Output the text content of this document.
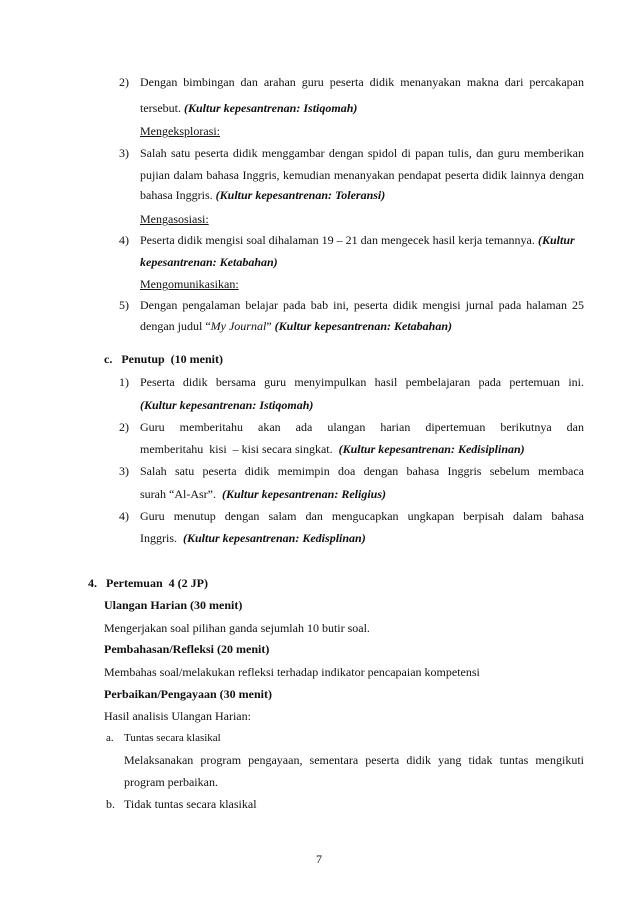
2) Dengan bimbingan dan arahan guru peserta didik menanyakan makna dari percakapan
tersebut. (Kultur kepesantrenan: Istiqomah)
Mengeksplorasi:
3) Salah satu peserta didik menggambar dengan spidol di papan tulis, dan guru memberikan
pujian dalam bahasa Inggris, kemudian menanyakan pendapat peserta didik lainnya dengan
bahasa Inggris. (Kultur kepesantrenan: Toleransi)
Mengasosiasi:
4) Peserta didik mengisi soal dihalaman 19 – 21 dan mengecek hasil kerja temannya. (Kultur
kepesantrenan: Ketabahan)
Mengomunikasikan:
5) Dengan pengalaman belajar pada bab ini, peserta didik mengisi jurnal pada halaman 25
dengan judul “My Journal” (Kultur kepesantrenan: Ketabahan)
c.   Penutup  (10 menit)
1) Peserta didik bersama guru menyimpulkan hasil pembelajaran pada pertemuan ini.
(Kultur kepesantrenan: Istiqomah)
2) Guru memberitahu akan ada ulangan harian dipertemuan berikutnya dan
memberitahu  kisi  – kisi secara singkat. (Kultur kepesantrenan: Kedisiplinan)
3) Salah satu peserta didik memimpin doa dengan bahasa Inggris sebelum membaca
surah “Al-Asr”. (Kultur kepesantrenan: Religius)
4) Guru menutup dengan salam dan mengucapkan ungkapan berpisah dalam bahasa
Inggris. (Kultur kepesantrenan: Kedisplinan)
4.   Pertemuan  4 (2 JP)
Ulangan Harian (30 menit)
Mengerjakan soal pilihan ganda sejumlah 10 butir soal.
Pembahasan/Refleksi (20 menit)
Membahas soal/melakukan refleksi terhadap indikator pencapaian kompetensi
Perbaikan/Pengayaan (30 menit)
Hasil analisis Ulangan Harian:
a. Tuntas secara klasikal
Melaksanakan program pengayaan, sementara peserta didik yang tidak tuntas mengikuti
program perbaikan.
b. Tidak tuntas secara klasikal
7
